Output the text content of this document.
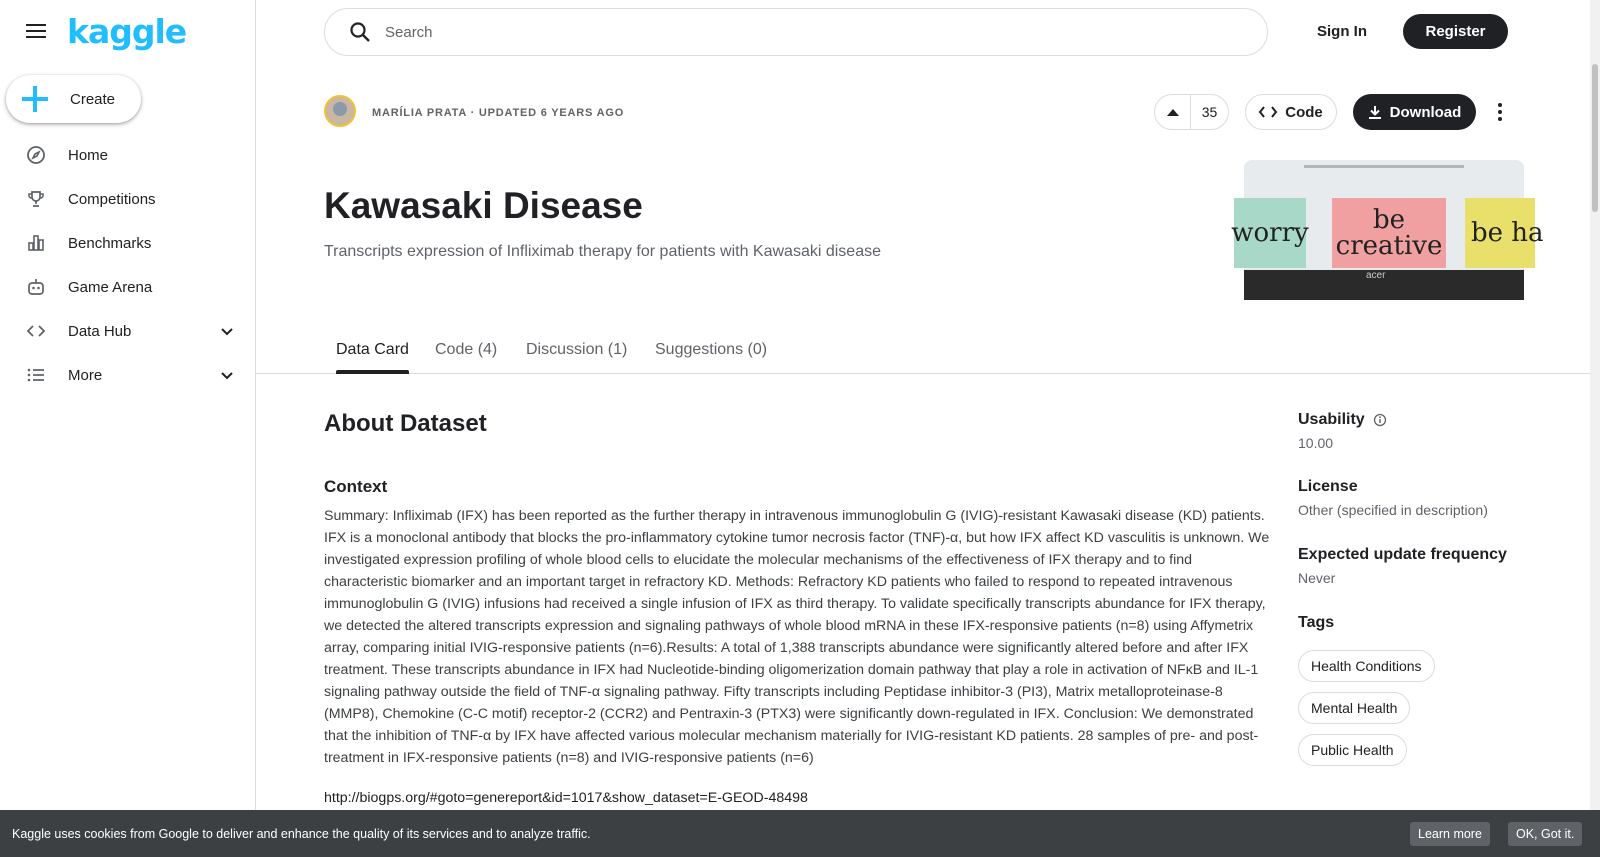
kaggle
Create
Home
Competitions
Benchmarks
Game Arena
Data Hub
More
Search	Sign In	Register
MARÍLIA PRATA · UPDATED 6 YEARS AGO	35	Code	Download
Kawasaki Disease
Transcripts expression of Infliximab therapy for patients with Kawasaki disease
worry	be creative be ha
acer
Data Card Code (4) Discussion (1) Suggestions (0)
About Dataset
Context
Summary: Infliximab (IFX) has been reported as the further therapy in intravenous immunoglobulin G (IVIG)-resistant Kawasaki disease (KD) patients. IFX is a monoclonal antibody that blocks the pro-inflammatory cytokine tumor necrosis factor (TNF)-α, but how IFX affect KD vasculitis is unknown. We investigated expression profiling of whole blood cells to elucidate the molecular mechanisms of the effectiveness of IFX therapy and to find characteristic biomarker and an important target in refractory KD. Methods: Refractory KD patients who failed to respond to repeated intravenous immunoglobulin G (IVIG) infusions had received a single infusion of IFX as third therapy. To validate specifically transcripts abundance for IFX therapy, we detected the altered transcripts expression and signaling pathways of whole blood mRNA in these IFX-responsive patients (n=8) using Affymetrix array, comparing initial IVIG-responsive patients (n=6).Results: A total of 1,388 transcripts abundance were significantly altered before and after IFX treatment. These transcripts abundance in IFX had Nucleotide-binding oligomerization domain pathway that play a role in activation of NFκB and IL-1 signaling pathway outside the field of TNF-α signaling pathway. Fifty transcripts including Peptidase inhibitor-3 (PI3), Matrix metalloproteinase-8 (MMP8), Chemokine (C-C motif) receptor-2 (CCR2) and Pentraxin-3 (PTX3) were significantly down-regulated in IFX. Conclusion: We demonstrated that the inhibition of TNF-α by IFX have affected various molecular mechanism materially for IVIG-resistant KD patients. 28 samples of pre- and post-treatment in IFX-responsive patients (n=8) and IVIG-responsive patients (n=6)
http://biogps.org/#goto=genereport&id=1017&show_dataset=E-GEOD-48498
Usability
10.00
License
Other (specified in description)
Expected update frequency
Never
Tags
Health Conditions
Mental Health
Public Health
Kaggle uses cookies from Google to deliver and enhance the quality of its services and to analyze traffic.	Learn more	OK, Got it.
